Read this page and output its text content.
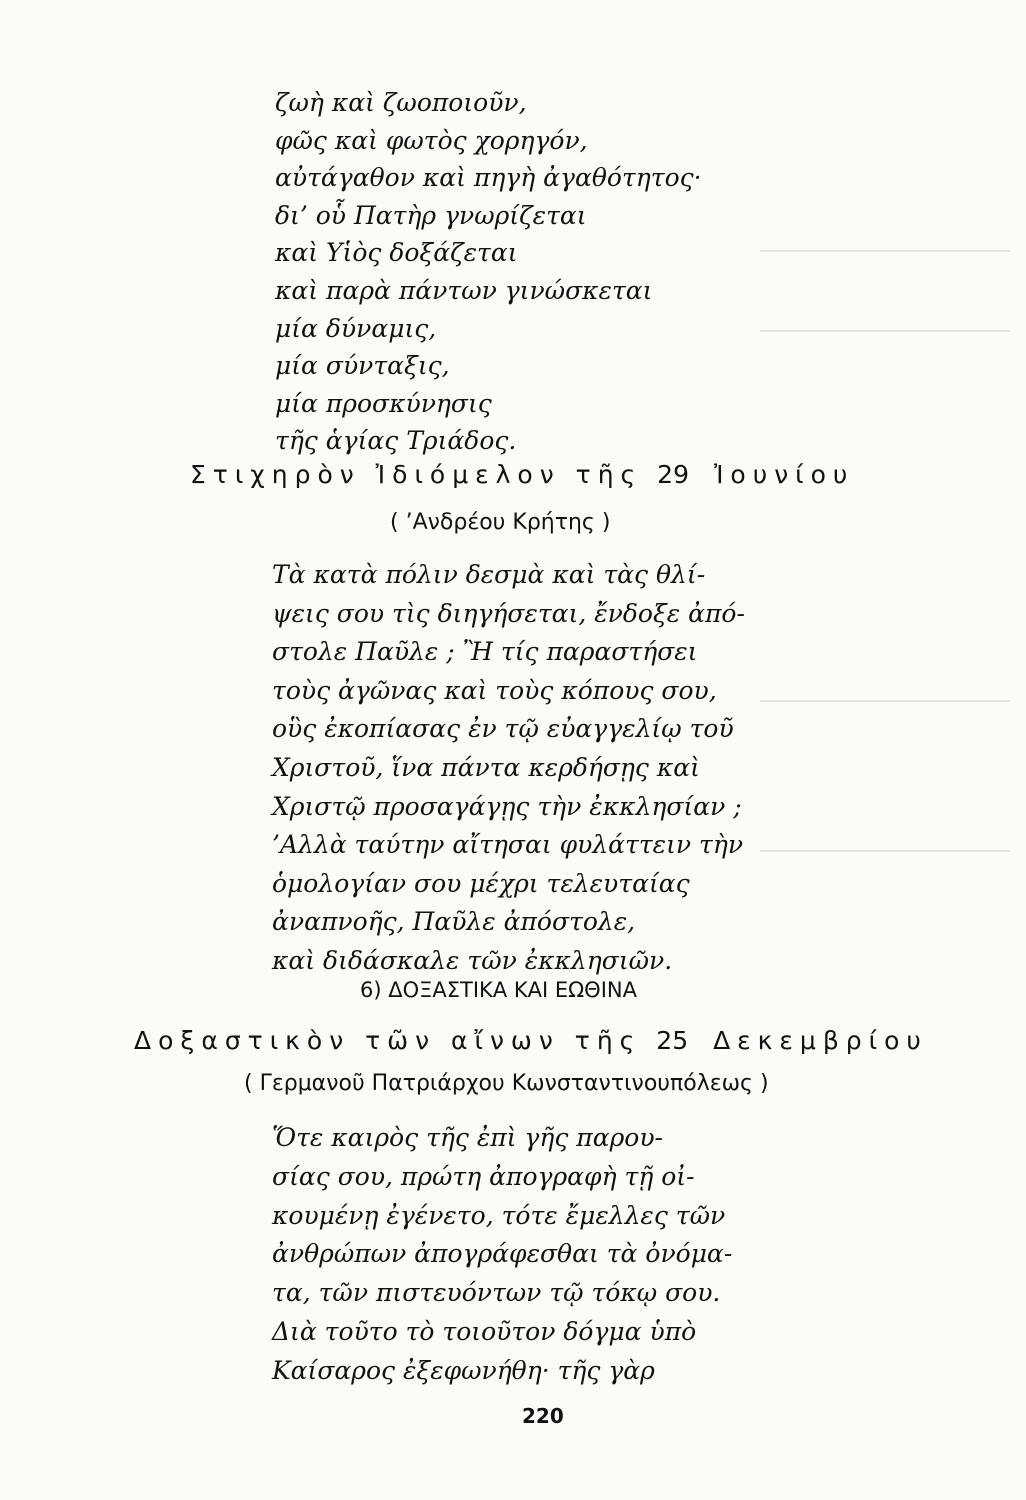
ζωὴ καὶ ζωοποιοῦν,
φῶς καὶ φωτὸς χορηγόν,
αὐτάγαθον καὶ πηγὴ ἀγαθότητος·
δι’ οὗ Πατὴρ γνωρίζεται
καὶ Υἱὸς δοξάζεται
καὶ παρὰ πάντων γινώσκεται
μία δύναμις,
μία σύνταξις,
μία προσκύνησις
τῆς ἁγίας Τριάδος.
Στιχηρὸν Ἰδιόμελον τῆς 29 Ἰουνίου
( ’Ανδρέου Κρήτης )
Τὰ κατὰ πόλιν δεσμὰ καὶ τὰς θλί-
ψεις σου τὶς διηγήσεται, ἔνδοξε ἀπό-
στολε Παῦλε ; Ἢ τίς παραστήσει
τοὺς ἀγῶνας καὶ τοὺς κόπους σου,
οὓς ἐκοπίασας ἐν τῷ εὐαγγελίῳ τοῦ
Χριστοῦ, ἵνα πάντα κερδήσῃς καὶ
Χριστῷ προσαγάγῃς τὴν ἐκκλησίαν ;
’Αλλὰ ταύτην αἴτησαι φυλάττειν τὴν
ὁμολογίαν σου μέχρι τελευταίας
ἀναπνοῆς, Παῦλε ἀπόστολε,
καὶ διδάσκαλε τῶν ἐκκλησιῶν.
6) ΔΟΞΑΣΤΙΚΑ ΚΑΙ ΕΩΘΙΝΑ
Δοξαστικὸν τῶν αἴνων τῆς 25 Δεκεμβρίου
( Γερμανοῦ Πατριάρχου Κωνσταντινουπόλεως )
Ὅτε καιρὸς τῆς ἐπὶ γῆς παρου-
σίας σου, πρώτη ἀπογραφὴ τῇ οἰ-
κουμένῃ ἐγένετο, τότε ἔμελλες τῶν
ἀνθρώπων ἀπογράφεσθαι τὰ ὀνόμα-
τα, τῶν πιστευόντων τῷ τόκῳ σου.
Διὰ τοῦτο τὸ τοιοῦτον δόγμα ὑπὸ
Καίσαρος ἐξεφωνήθη· τῆς γὰρ
220
